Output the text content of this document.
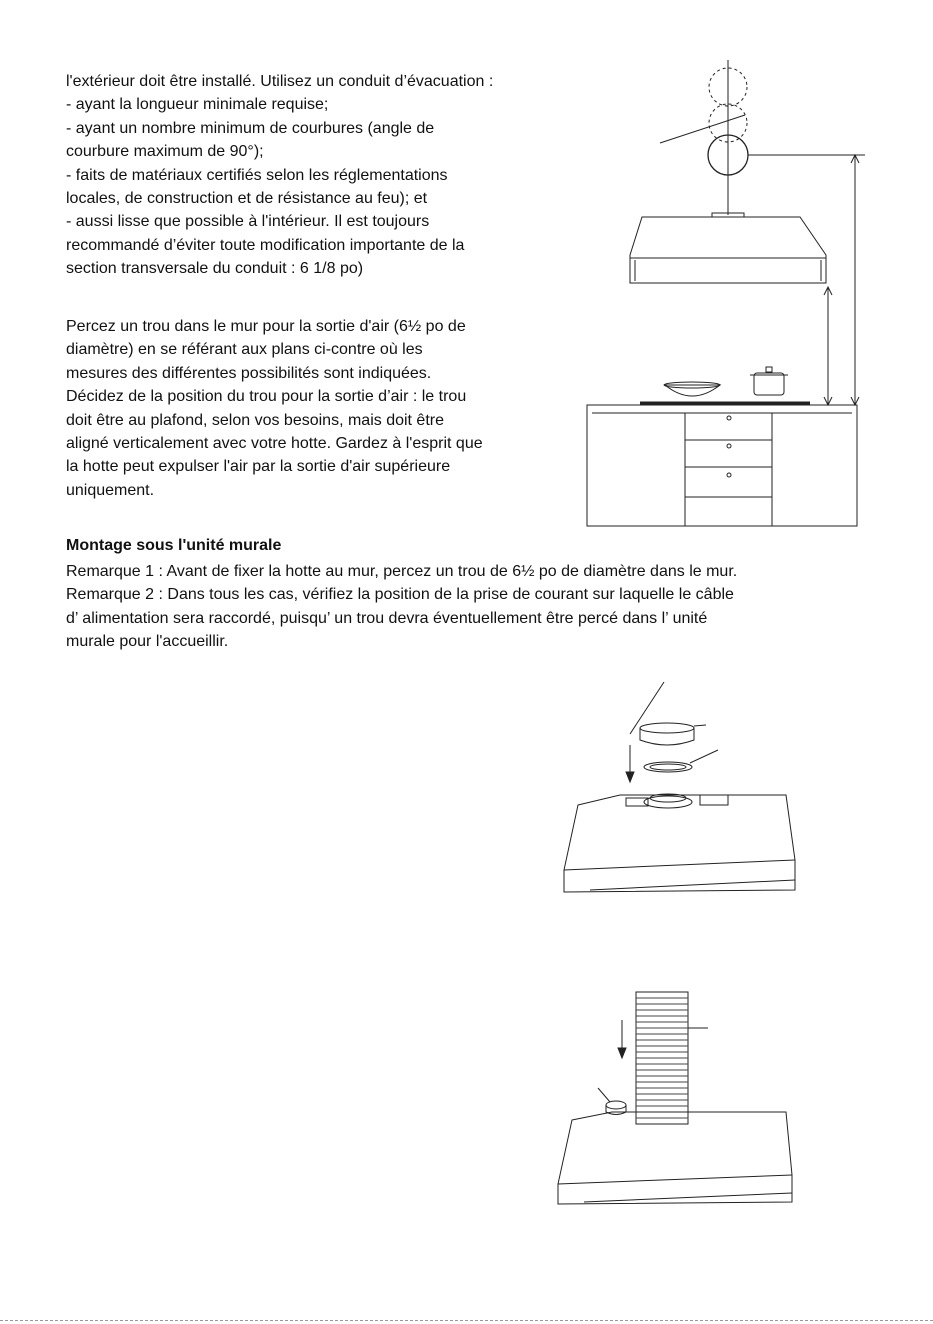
l'extérieur doit être installé. Utilisez un conduit d’évacuation :
- ayant la longueur minimale requise;
- ayant un nombre minimum de courbures (angle de
courbure maximum de 90°);
- faits de matériaux certifiés selon les réglementations
locales, de construction et de résistance au feu); et
- aussi lisse que possible à l'intérieur. Il est toujours
recommandé d’éviter toute modification importante de la
section transversale du conduit : 6 1/8 po)
Percez un trou dans le mur pour la sortie d'air (6½ po de
diamètre) en se référant aux plans ci-contre où les
mesures des différentes possibilités sont indiquées.
Décidez de la position du trou pour la sortie d’air : le trou
doit être au plafond, selon vos besoins, mais doit être
aligné verticalement avec votre hotte. Gardez à l'esprit que
la hotte peut expulser l'air par la sortie d'air supérieure
uniquement.
Montage sous l'unité murale
Remarque 1 : Avant de fixer la hotte au mur, percez un trou de 6½ po de diamètre dans le mur.
Remarque 2 : Dans tous les cas, vérifiez la position de la prise de courant sur laquelle le câble
d’ alimentation sera raccordé, puisqu’ un trou devra éventuellement être percé dans l’ unité
murale pour l'accueillir.
